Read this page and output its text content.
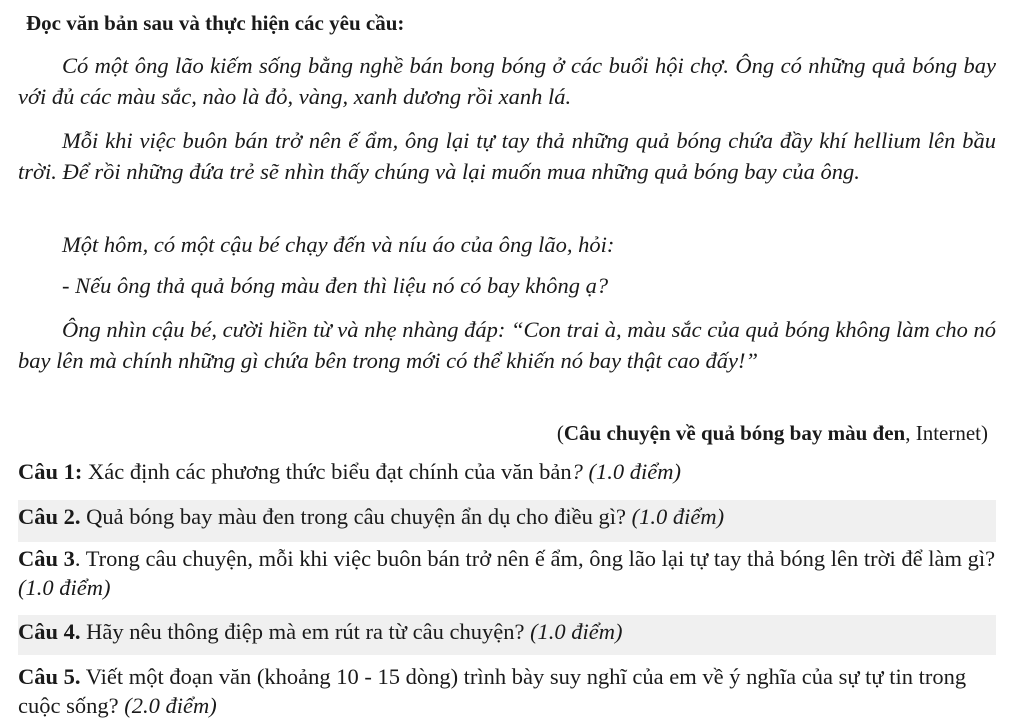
Đọc văn bản sau và thực hiện các yêu cầu:

Có một ông lão kiếm sống bằng nghề bán bong bóng ở các buổi hội chợ. Ông có những quả bóng bay với đủ các màu sắc, nào là đỏ, vàng, xanh dương rồi xanh lá.

Mỗi khi việc buôn bán trở nên ế ẩm, ông lại tự tay thả những quả bóng chứa đầy khí hellium lên bầu trời. Để rồi những đứa trẻ sẽ nhìn thấy chúng và lại muốn mua những quả bóng bay của ông.

Một hôm, có một cậu bé chạy đến và níu áo của ông lão, hỏi:

- Nếu ông thả quả bóng màu đen thì liệu nó có bay không ạ?

Ông nhìn cậu bé, cười hiền từ và nhẹ nhàng đáp: “Con trai à, màu sắc của quả bóng không làm cho nó bay lên mà chính những gì chứa bên trong mới có thể khiến nó bay thật cao đấy!”

(Câu chuyện về quả bóng bay màu đen, Internet)

Câu 1: Xác định các phương thức biểu đạt chính của văn bản? (1.0 điểm)

Câu 2. Quả bóng bay màu đen trong câu chuyện ẩn dụ cho điều gì? (1.0 điểm)

Câu 3. Trong câu chuyện, mỗi khi việc buôn bán trở nên ế ẩm, ông lão lại tự tay thả bóng lên trời để làm gì? (1.0 điểm)

Câu 4. Hãy nêu thông điệp mà em rút ra từ câu chuyện? (1.0 điểm)

Câu 5. Viết một đoạn văn (khoảng 10 - 15 dòng) trình bày suy nghĩ của em về ý nghĩa của sự tự tin trong cuộc sống? (2.0 điểm)
